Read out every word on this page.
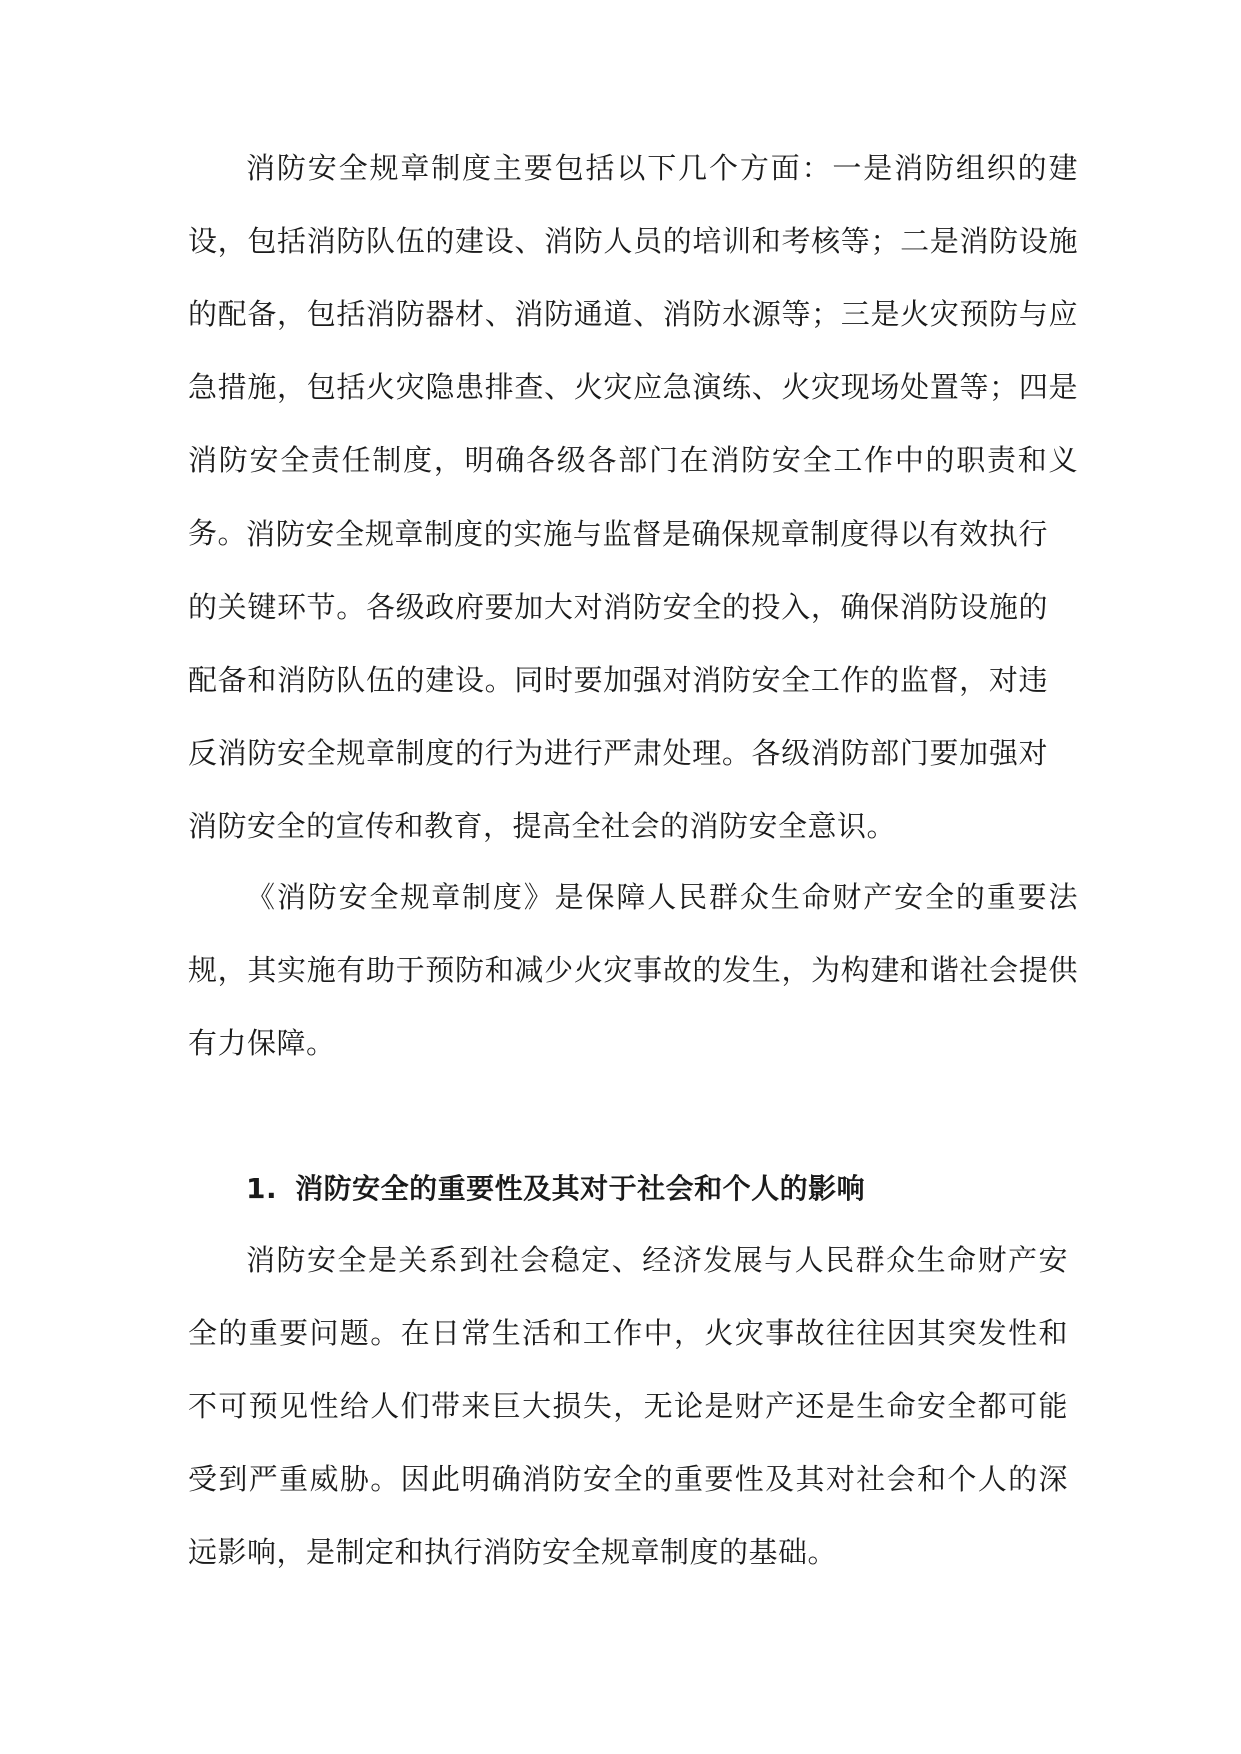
消防安全规章制度主要包括以下几个方面：一是消防组织的建设，包括消防队伍的建设、消防人员的培训和考核等；二是消防设施的配备，包括消防器材、消防通道、消防水源等；三是火灾预防与应急措施，包括火灾隐患排查、火灾应急演练、火灾现场处置等；四是消防安全责任制度，明确各级各部门在消防安全工作中的职责和义务。

消防安全规章制度的实施与监督是确保规章制度得以有效执行的关键环节。各级政府要加大对消防安全的投入，确保消防设施的配备和消防队伍的建设。同时要加强对消防安全工作的监督，对违反消防安全规章制度的行为进行严肃处理。各级消防部门要加强对消防安全的宣传和教育，提高全社会的消防安全意识。

《消防安全规章制度》是保障人民群众生命财产安全的重要法规，其实施有助于预防和减少火灾事故的发生，为构建和谐社会提供有力保障。

1. 消防安全的重要性及其对于社会和个人的影响

消防安全是关系到社会稳定、经济发展与人民群众生命财产安全的重要问题。在日常生活和工作中，火灾事故往往因其突发性和不可预见性给人们带来巨大损失，无论是财产还是生命安全都可能受到严重威胁。因此明确消防安全的重要性及其对社会和个人的深远影响，是制定和执行消防安全规章制度的基础。
